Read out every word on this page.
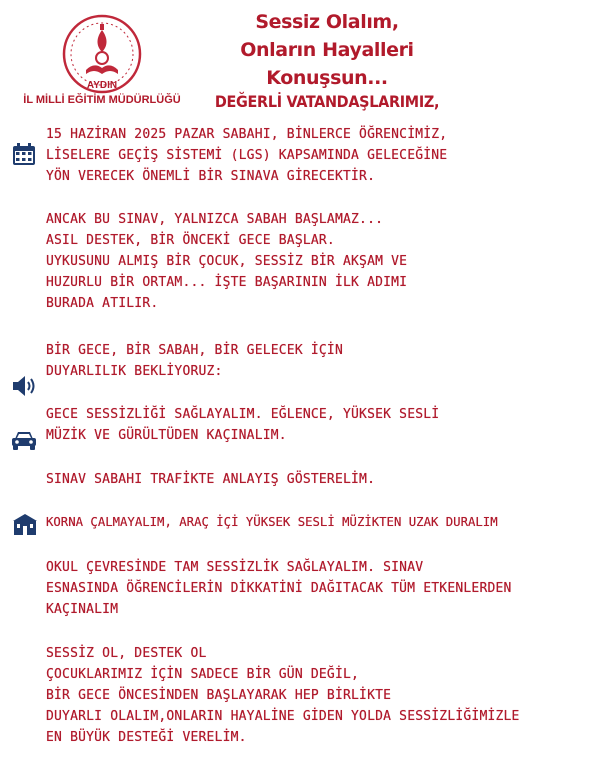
AYDIN
İL MİLLİ EĞİTİM MÜDÜRLÜĞÜ
Sessiz Olalım,
Onların Hayalleri
Konuşsun...
DEĞERLİ VATANDAŞLARIMIZ,
15 HAZİRAN 2025 PAZAR SABAHI, BİNLERCE ÖĞRENCİMİZ,
LİSELERE GEÇİŞ SİSTEMİ (LGS) KAPSAMINDA GELECEĞİNE
YÖN VERECEK ÖNEMLİ BİR SINAVA GİRECEKTİR.
ANCAK BU SINAV, YALNIZCA SABAH BAŞLAMAZ...
ASIL DESTEK, BİR ÖNCEKİ GECE BAŞLAR.
UYKUSUNU ALMIŞ BİR ÇOCUK, SESSİZ BİR AKŞAM VE
HUZURLU BİR ORTAM... İŞTE BAŞARININ İLK ADIMI
BURADA ATILIR.
BİR GECE, BİR SABAH, BİR GELECEK İÇİN
DUYARLILIK BEKLİYORUZ:
GECE SESSİZLİĞİ SAĞLAYALIM. EĞLENCE, YÜKSEK SESLİ
MÜZİK VE GÜRÜLTÜDEN KAÇINALIM.
SINAV SABAHI TRAFİKTE ANLAYIŞ GÖSTERELİM.
KORNA ÇALMAYALIM, ARAÇ İÇİ YÜKSEK SESLİ MÜZİKTEN UZAK DURALIM
OKUL ÇEVRESİNDE TAM SESSİZLİK SAĞLAYALIM. SINAV
ESNASINDA ÖĞRENCİLERİN DİKKATİNİ DAĞITACAK TÜM ETKENLERDEN
KAÇINALIM
SESSİZ OL, DESTEK OL
ÇOCUKLARIMIZ İÇİN SADECE BİR GÜN DEĞİL,
BİR GECE ÖNCESİNDEN BAŞLAYARAK HEP BİRLİKTE
DUYARLI OLALIM,ONLARIN HAYALİNE GİDEN YOLDA SESSİZLİĞİMİZLE
EN BÜYÜK DESTEĞİ VERELİM.
